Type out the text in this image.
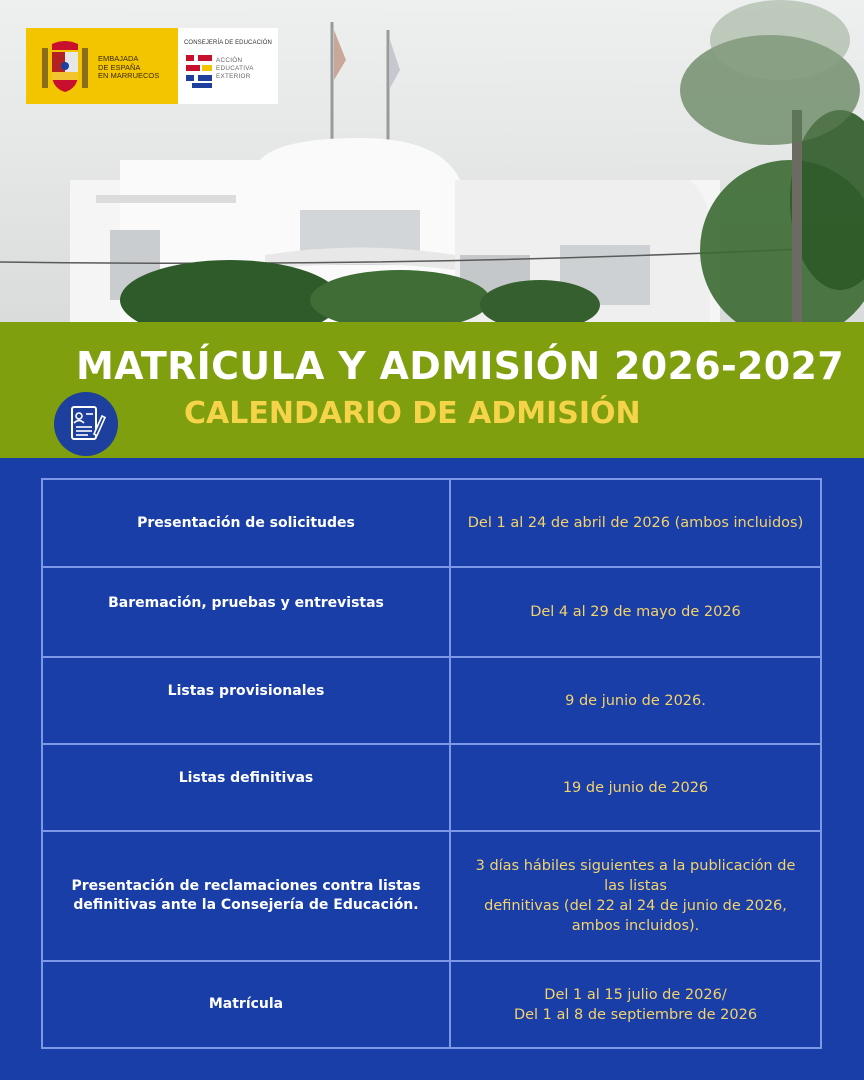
EMBAJADA
DE ESPAÑA
EN MARRUECOS
CONSEJERÍA DE EDUCACIÓN
ACCIÓN
EDUCATIVA
EXTERIOR
MATRÍCULA Y ADMISIÓN 2026-2027
CALENDARIO DE ADMISIÓN
Presentación de solicitudes	Del 1 al 24 de abril de 2026 (ambos incluidos)
Baremación, pruebas y entrevistas
Del 4 al 29 de mayo de 2026
Listas provisionales
9 de junio de 2026.
Listas definitivas
19 de junio de 2026
Presentación de reclamaciones contra listas definitivas ante la Consejería de Educación.
3 días hábiles siguientes a la publicación de las listas
definitivas (del 22 al 24 de junio de 2026, ambos incluidos).
Matrícula
Del 1 al 15 julio de 2026/
Del 1 al 8 de septiembre de 2026
